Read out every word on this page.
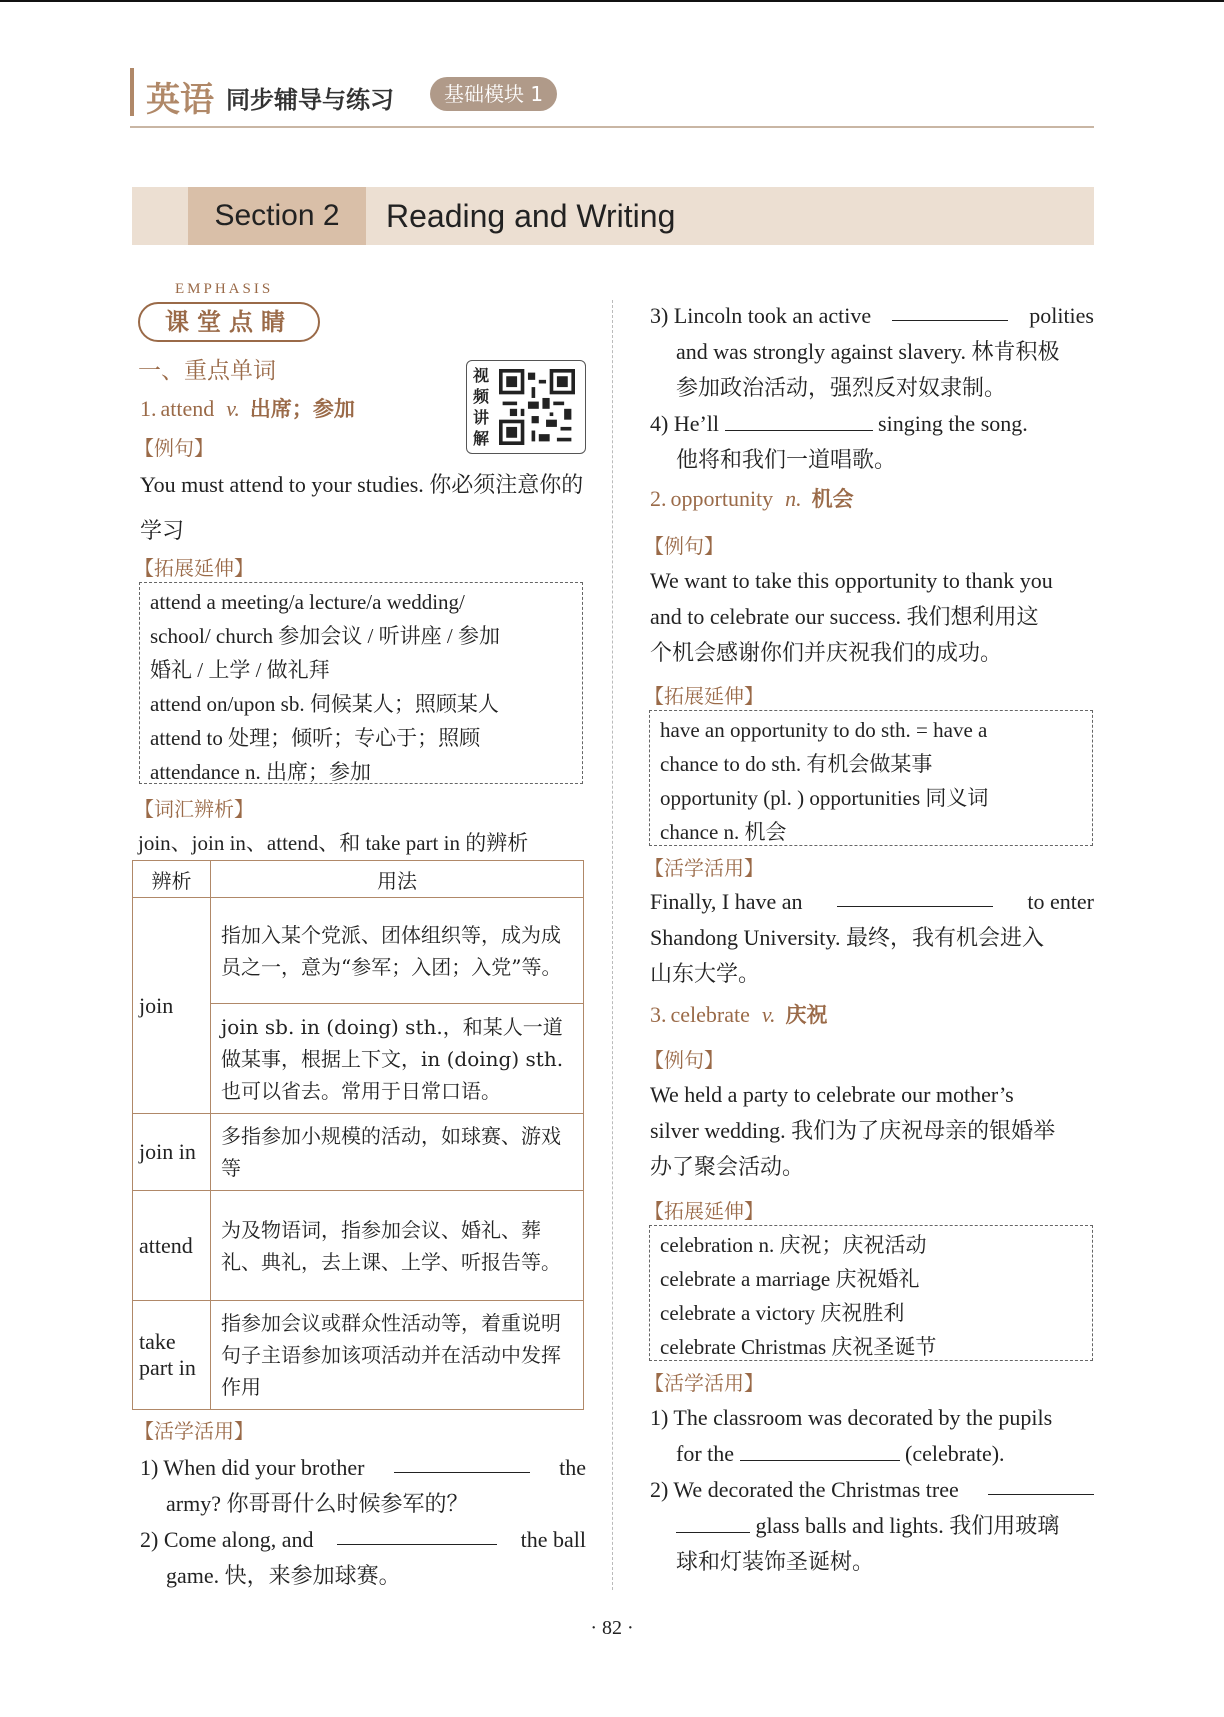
英语 同步辅导与练习	基础模块 1
Section 2	Reading and Writing
EMPHASIS
课堂点睛
一、重点单词	视频讲解
1. attend v. 出席；参加
【例句】
You must attend to your studies. 你必须注意你的学习
【拓展延伸】

attend a meeting/a lecture/a wedding/

school/ church 参加会议 / 听讲座 / 参加

婚礼 / 上学 / 做礼拜

attend on/upon sb. 伺候某人；照顾某人

attend to 处理；倾听；专心于；照顾

attendance n. 出席；参加

【词汇辨析】
join、join in、attend、和 take part in 的辨析
辨析	用法
join	指加入某个党派、团体组织等，成为成员之一，意为“参军；入团；入党”等。
	join sb. in (doing) sth.，和某人一道做某事，根据上下文，in (doing) sth. 也可以省去。常用于日常口语。
join in	多指参加小规模的活动，如球赛、游戏等
attend	为及物语词，指参加会议、婚礼、葬礼、典礼，去上课、上学、听报告等。
take part in	指参加会议或群众性活动等，着重说明句子主语参加该项活动并在活动中发挥作用
【活学活用】

1) When did your brother	the

army? 你哥哥什么时候参军的？

2) Come along, and	the ball

game. 快，来参加球赛。

3) Lincoln took an active	polities

and was strongly against slavery. 林肯积极

参加政治活动，强烈反对奴隶制。

4) He’ll	singing the song.

他将和我们一道唱歌。

2. opportunity n. 机会
【例句】

We want to take this opportunity to thank you

and to celebrate our success. 我们想利用这

个机会感谢你们并庆祝我们的成功。

【拓展延伸】

have an opportunity to do sth. = have a

chance to do sth. 有机会做某事

opportunity (pl. ) opportunities 同义词

chance n. 机会

【活学活用】

Finally, I have an	to enter

Shandong University. 最终，我有机会进入

山东大学。

3. celebrate v. 庆祝
【例句】

We held a party to celebrate our mother’s

silver wedding. 我们为了庆祝母亲的银婚举

办了聚会活动。

【拓展延伸】

celebration n. 庆祝；庆祝活动

celebrate a marriage 庆祝婚礼

celebrate a victory 庆祝胜利

celebrate Christmas 庆祝圣诞节

【活学活用】

1) The classroom was decorated by the pupils

for the	(celebrate).

2) We decorated the Christmas tree

glass balls and lights. 我们用玻璃

球和灯装饰圣诞树。

· 82 ·
